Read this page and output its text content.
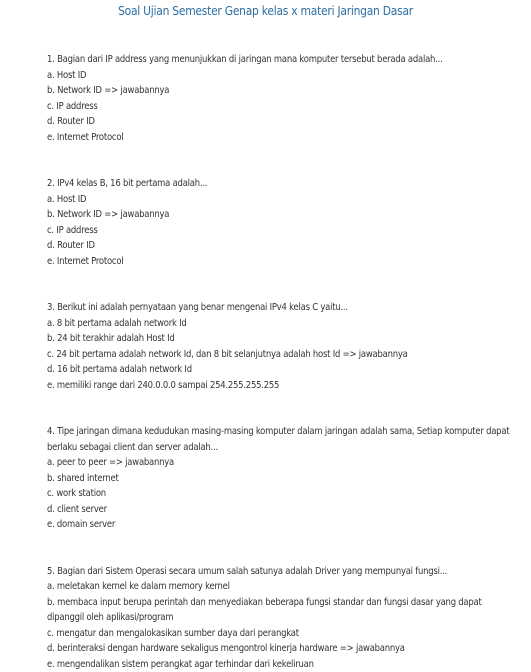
Soal Ujian Semester Genap kelas x materi Jaringan Dasar
1 . Bagian dari IP address yang menunjukkan di jaringan mana komputer tersebut berada adalah...
a . Host ID
b . Network ID => jawabannya
c . IP address
d . Router ID
e . Internet Protocol
2 . IPv4 kelas B, 16 bit pertama adalah...
a . Host ID
b . Network ID => jawabannya
c . IP address
d . Router ID
e . Internet Protocol
3 . Berikut ini adalah pernyataan yang benar mengenai IPv4 kelas C yaitu...
a . 8 bit pertama adalah network Id
b . 24 bit terakhir adalah Host Id
c . 24 bit pertama adalah network Id, dan 8 bit selanjutnya adalah host Id => jawabannya
d . 16 bit pertama adalah network Id
e . memiliki range dari 240.0.0.0 sampai 254.255.255.255
4 . Tipe jaringan dimana kedudukan masing-masing komputer dalam jaringan adalah sama, Setiap komputer dapat berlaku sebagai client dan server adalah...
a . peer to peer => jawabannya
b . shared internet
c . work station
d . client server
e . domain server
5 . Bagian dari Sistem Operasi secara umum salah satunya adalah Driver yang mempunyai fungsi...
a . meletakan kernel ke dalam memory kernel
b . membaca input berupa perintah dan menyediakan beberapa fungsi standar dan fungsi dasar yang dapat dipanggil oleh aplikasi/program
c . mengatur dan mengalokasikan sumber daya dari perangkat
d . berinteraksi dengan hardware sekaligus mengontrol kinerja hardware => jawabannya
e . mengendalikan sistem perangkat agar terhindar dari kekeliruan
